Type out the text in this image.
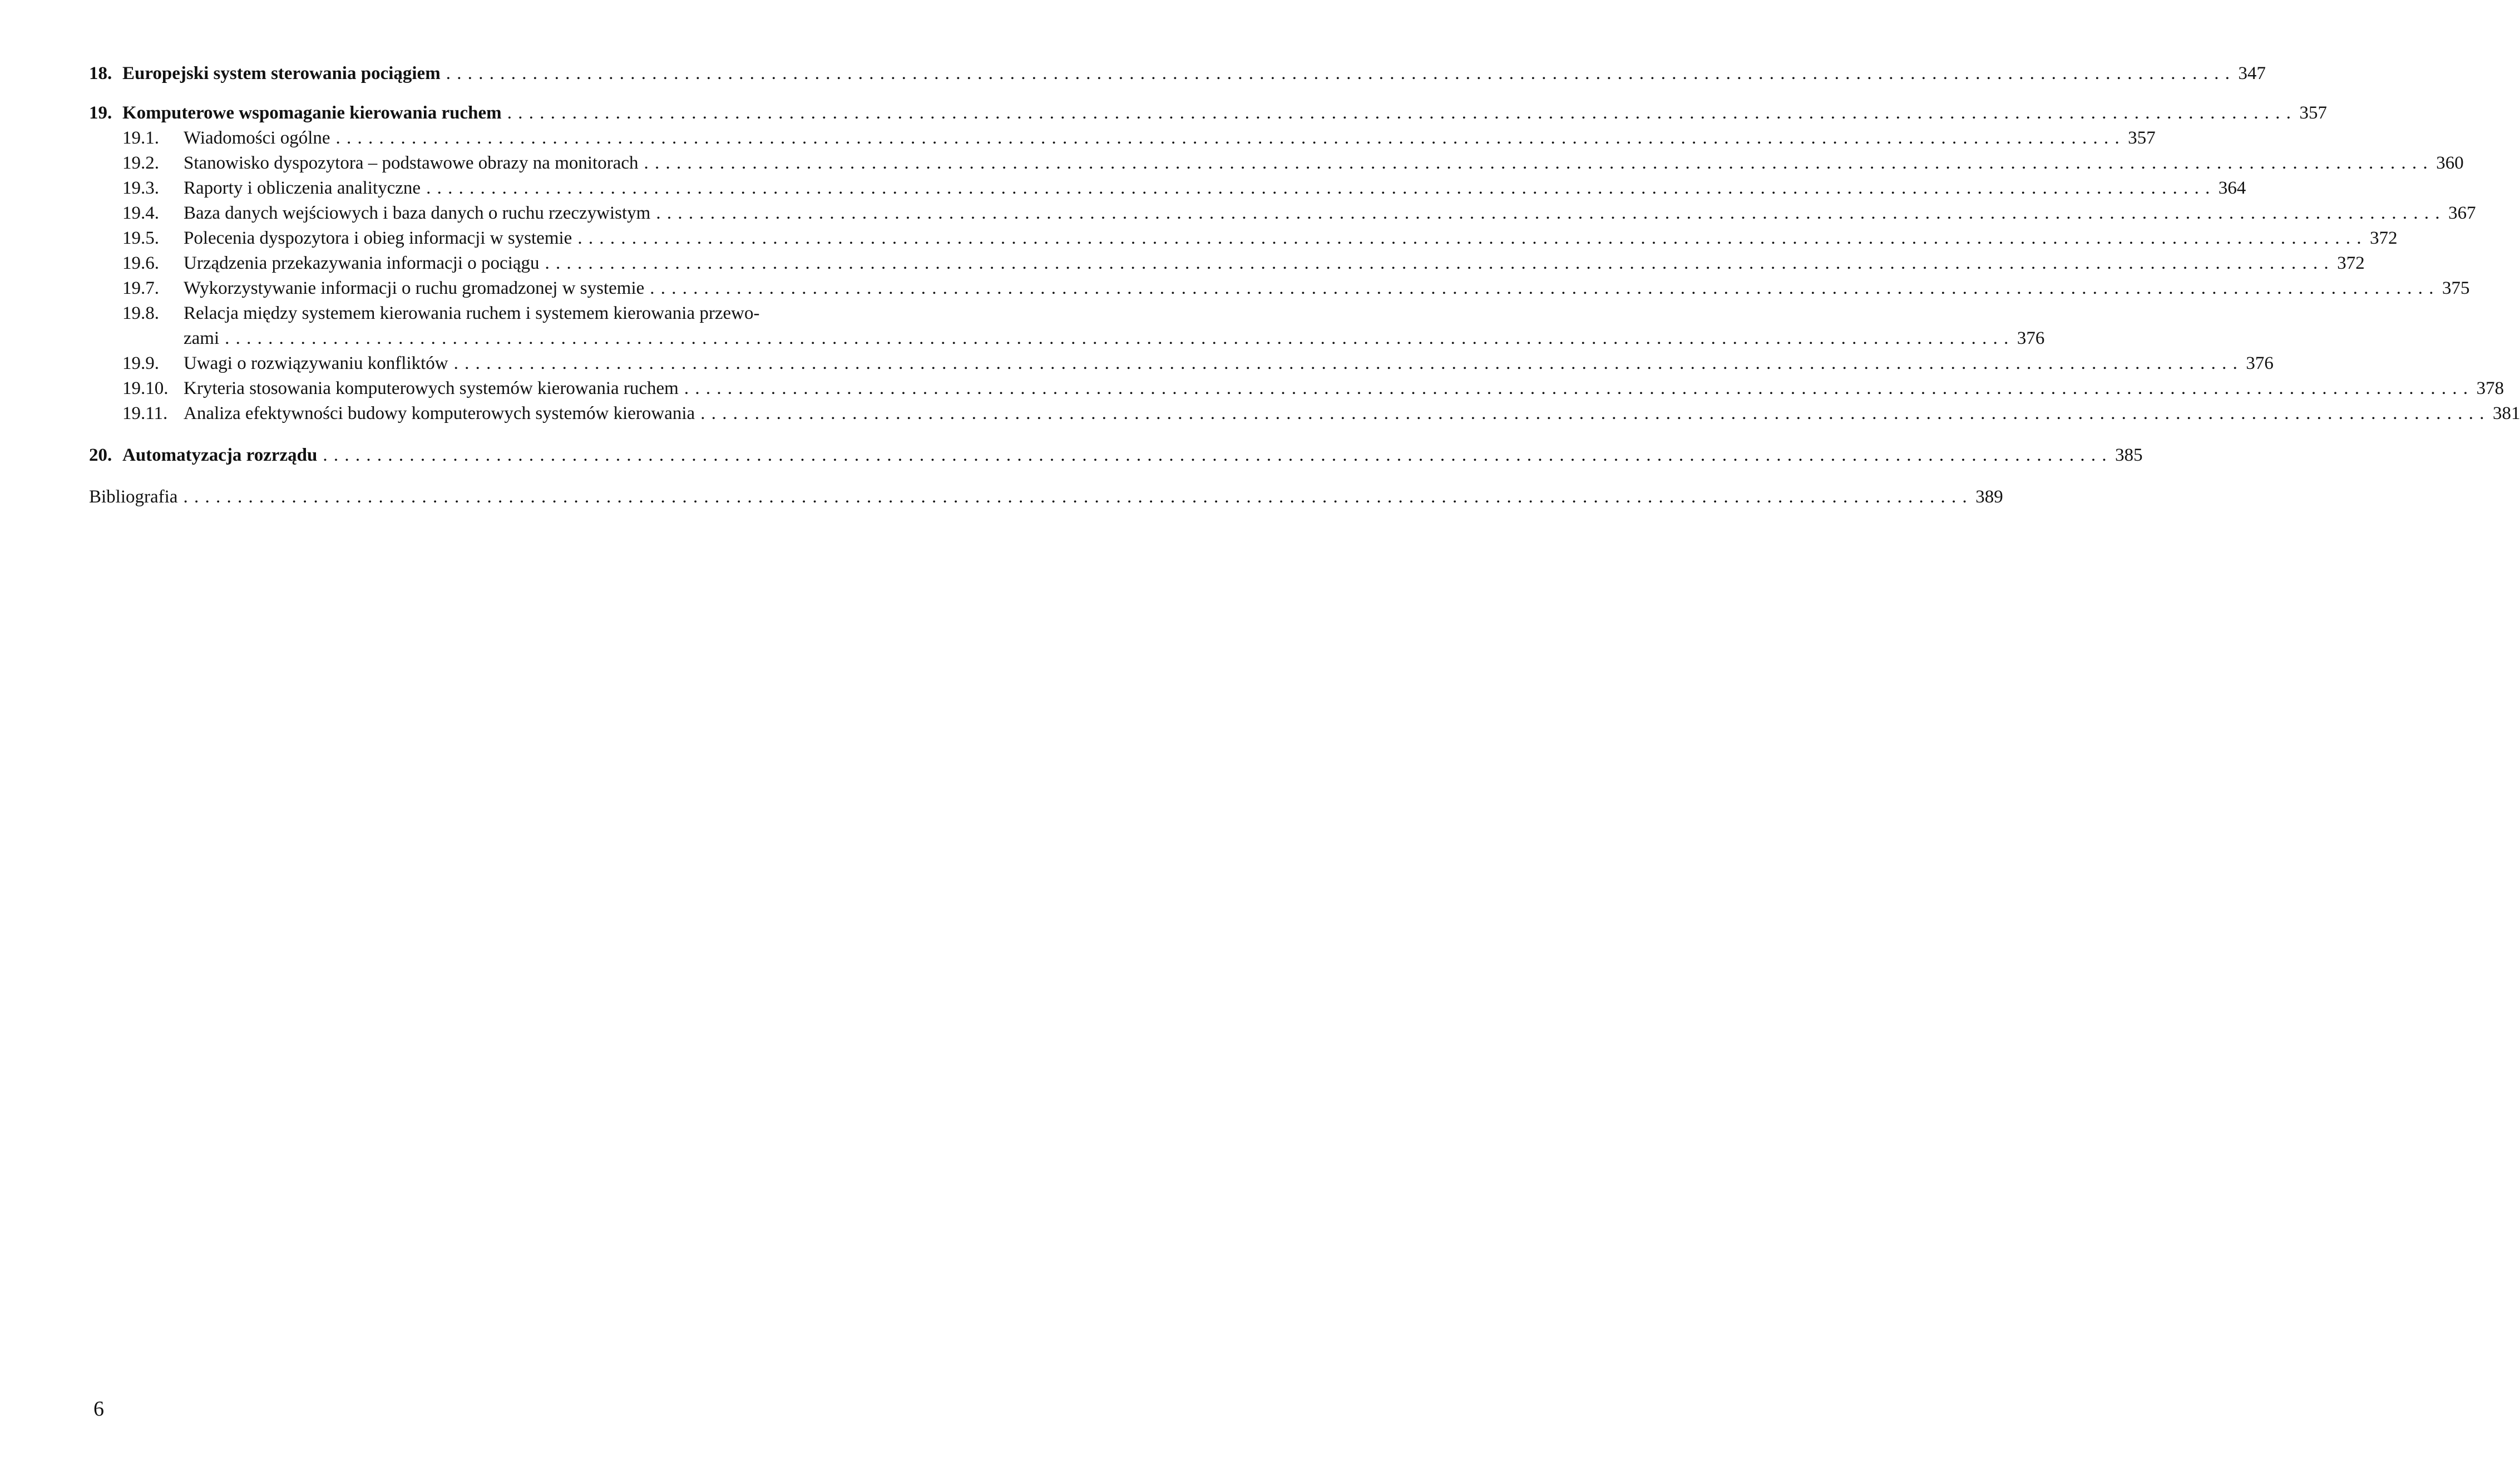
18. Europejski system sterowania pociągiem . . .	347
19. Komputerowe wspomaganie kierowania ruchem . . .	357
19.1.	Wiadomości ogólne . . .	357
19.2.	Stanowisko dyspozytora – podstawowe obrazy na monitorach . . .	360
19.3.	Raporty i obliczenia analityczne . . .	364
19.4.	Baza danych wejściowych i baza danych o ruchu rzeczywistym . . .	367
19.5.	Polecenia dyspozytora i obieg informacji w systemie . . .	372
19.6.	Urządzenia przekazywania informacji o pociągu . . .	372
19.7.	Wykorzystywanie informacji o ruchu gromadzonej w systemie . . .	375
19.8.	Relacja między systemem kierowania ruchem i systemem kierowania przewo-
zami . . .	376
19.9.	Uwagi o rozwiązywaniu konfliktów . . .	376
19.10. Kryteria stosowania komputerowych systemów kierowania ruchem . . .	378
19.11. Analiza efektywności budowy komputerowych systemów kierowania . . .	381
20. Automatyzacja rozrządu . . .	385
Bibliografia . . .	389
6
